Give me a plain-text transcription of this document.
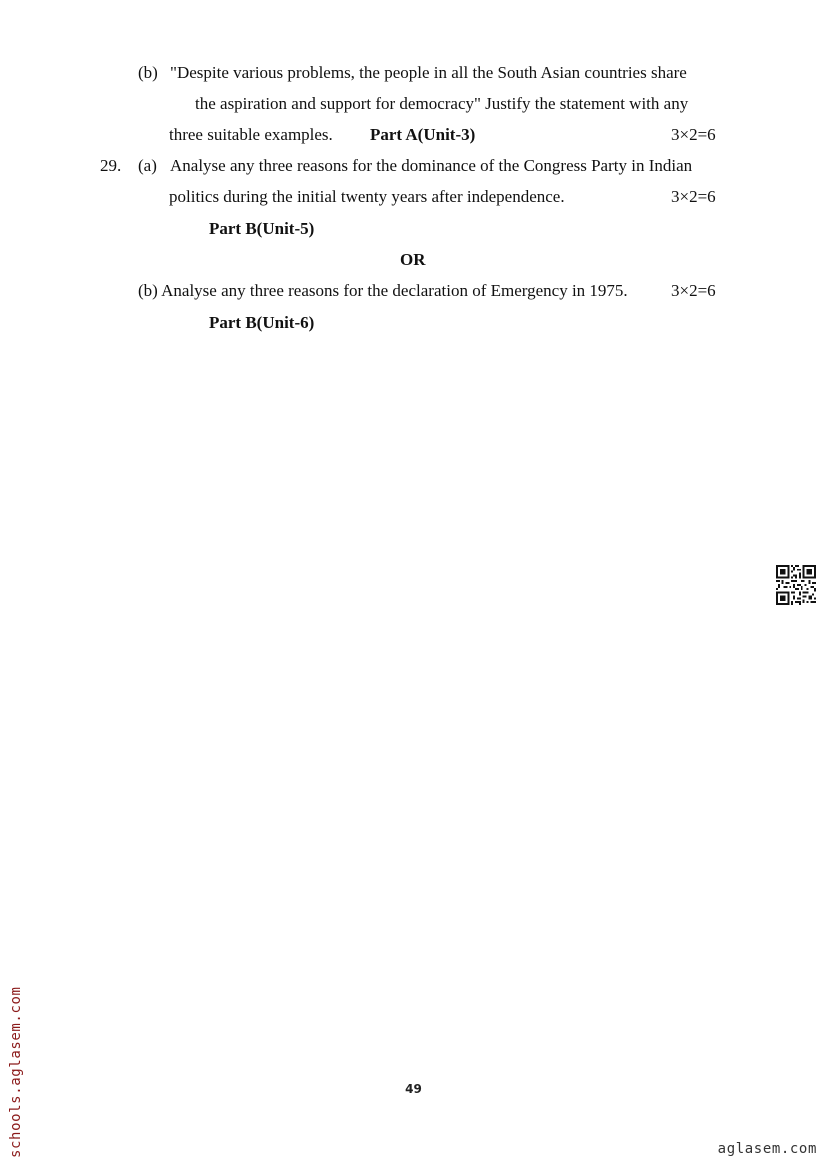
(b) "Despite various problems, the people in all the South Asian countries share
the aspiration and support for democracy" Justify the statement with any
three suitable examples. Part A(Unit-3)	3×2=6
29. (a) Analyse any three reasons for the dominance of the Congress Party in Indian
politics during the initial twenty years after independence.	3×2=6
Part B(Unit-5)
OR
(b) Analyse any three reasons for the declaration of Emergency in 1975.	3×2=6
Part B(Unit-6)
49
schools.aglasem.com	aglasem.com
